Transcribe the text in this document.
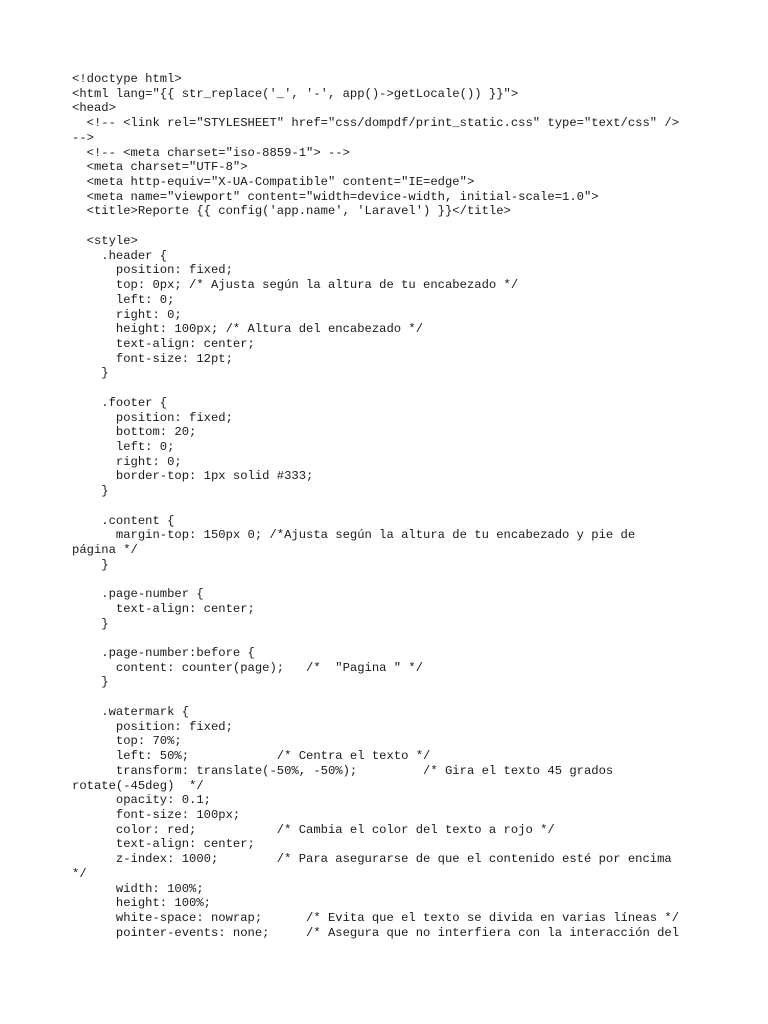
<!doctype html>
<html lang="{{ str_replace('_', '-', app()->getLocale()) }}">
<head>
<!-- <link rel="STYLESHEET" href="css/dompdf/print_static.css" type="text/css" />
-->
<!-- <meta charset="iso-8859-1"> -->
<meta charset="UTF-8">
<meta http-equiv="X-UA-Compatible" content="IE=edge">
<meta name="viewport" content="width=device-width, initial-scale=1.0">
<title>Reporte {{ config('app.name', 'Laravel') }}</title>
<style>
.header {
position: fixed;
top: 0px; /* Ajusta según la altura de tu encabezado */
left: 0;
right: 0;
height: 100px; /* Altura del encabezado */
text-align: center;
font-size: 12pt;
}
.footer {
position: fixed;
bottom: 20;
left: 0;
right: 0;
border-top: 1px solid #333;
}
.content {
margin-top: 150px 0; /*Ajusta según la altura de tu encabezado y pie de
página */
}
.page-number {
text-align: center;
}
.page-number:before {
content: counter(page);   /*  "Pagina " */
}
.watermark {
position: fixed;
top: 70%;
left: 50%;            /* Centra el texto */
transform: translate(-50%, -50%);         /* Gira el texto 45 grados
rotate(-45deg)  */
opacity: 0.1;
font-size: 100px;
color: red;           /* Cambia el color del texto a rojo */
text-align: center;
z-index: 1000;        /* Para asegurarse de que el contenido esté por encima
*/
width: 100%;
height: 100%;
white-space: nowrap;      /* Evita que el texto se divida en varias líneas */
pointer-events: none;     /* Asegura que no interfiera con la interacción del
